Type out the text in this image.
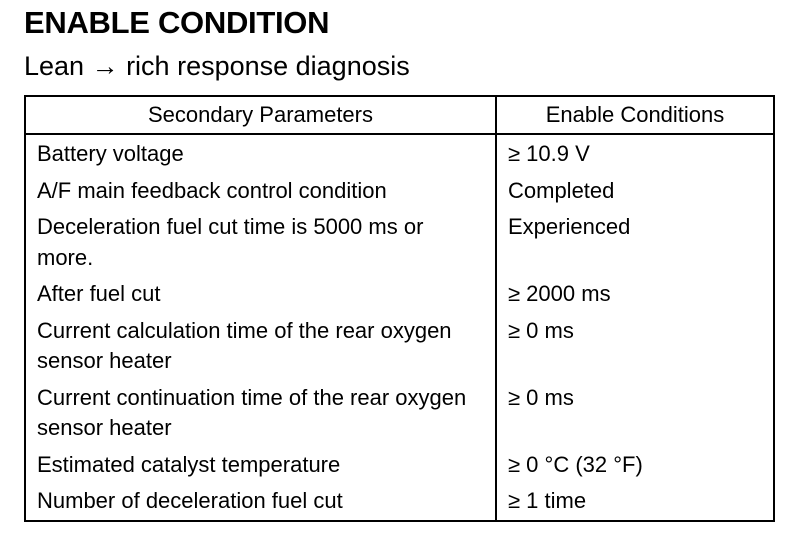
ENABLE CONDITION
Lean → rich response diagnosis
Secondary Parameters	Enable Conditions
Battery voltage	≥ 10.9 V
A/F main feedback control condition	Completed
Deceleration fuel cut time is 5000 ms or more.	Experienced
After fuel cut	≥ 2000 ms
Current calculation time of the rear oxygen sensor heater	≥ 0 ms
Current continuation time of the rear oxygen sensor heater	≥ 0 ms
Estimated catalyst temperature	≥ 0 °C (32 °F)
Number of deceleration fuel cut	≥ 1 time
